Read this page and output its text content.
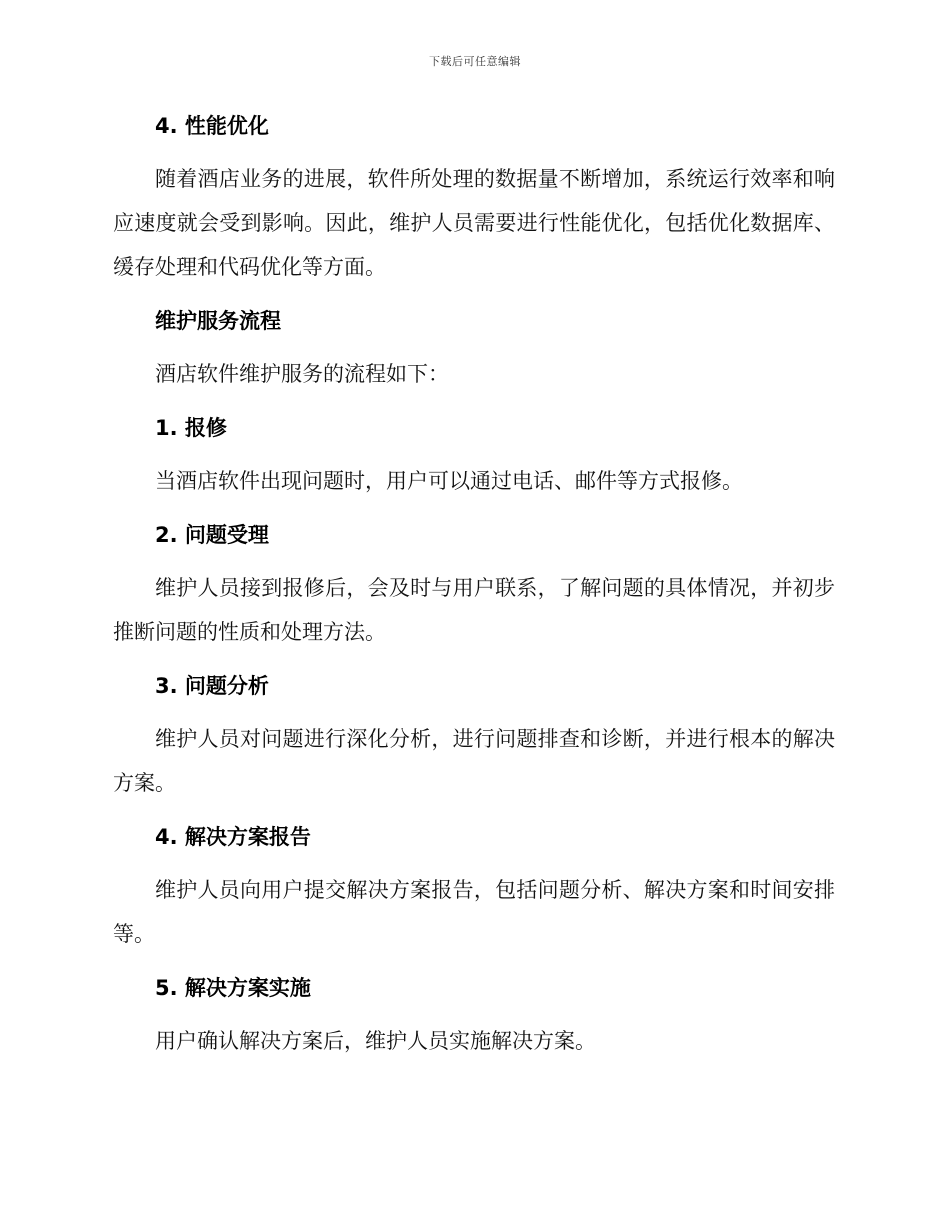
下载后可任意编辑
4. 性能优化

随着酒店业务的进展，软件所处理的数据量不断增加，系统运行效率和响应速度就会受到影响。因此，维护人员需要进行性能优化，包括优化数据库、缓存处理和代码优化等方面。

维护服务流程

酒店软件维护服务的流程如下：

1. 报修

当酒店软件出现问题时，用户可以通过电话、邮件等方式报修。

2. 问题受理

维护人员接到报修后，会及时与用户联系，了解问题的具体情况，并初步推断问题的性质和处理方法。

3. 问题分析

维护人员对问题进行深化分析，进行问题排查和诊断，并进行根本的解决方案。

4. 解决方案报告

维护人员向用户提交解决方案报告，包括问题分析、解决方案和时间安排等。

5. 解决方案实施

用户确认解决方案后，维护人员实施解决方案。
